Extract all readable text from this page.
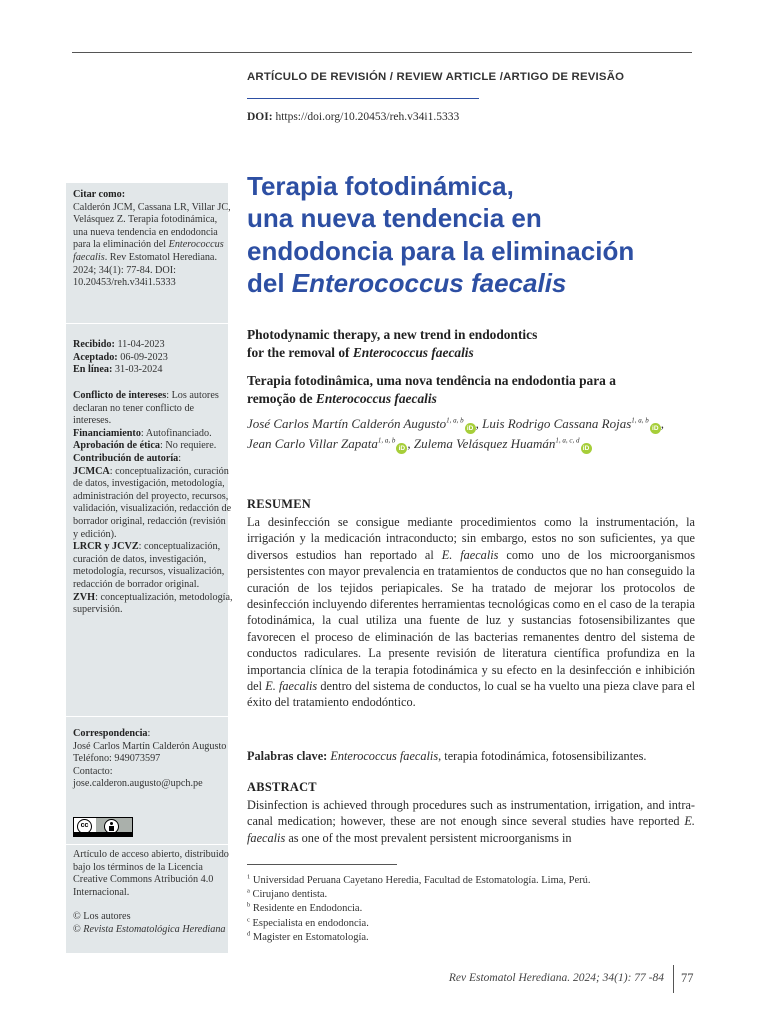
ARTÍCULO DE REVISIÓN / REVIEW ARTICLE /ARTIGO DE REVISÃO
DOI: https://doi.org/10.20453/reh.v34i1.5333
Citar como:
Calderón JCM, Cassana LR, Villar JC, Velásquez Z. Terapia fotodinámica, una nueva tendencia en endodoncia para la eliminación del Enterococcus faecalis. Rev Estomatol Herediana. 2024; 34(1): 77-84. DOI: 10.20453/reh.v34i1.5333
Recibido: 11-04-2023
Aceptado: 06-09-2023
En línea: 31-03-2024
Conflicto de intereses: Los autores declaran no tener conflicto de intereses.
Financiamiento: Autofinanciado.
Aprobación de ética: No requiere.
Contribución de autoría:
JCMCA: conceptualización, curación de datos, investigación, metodología, administración del proyecto, recursos, validación, visualización, redacción de borrador original, redacción (revisión y edición).
LRCR y JCVZ: conceptualización, curación de datos, investigación, metodología, recursos, visualización, redacción de borrador original.
ZVH: conceptualización, metodología, supervisión.
Correspondencia:
José Carlos Martín Calderón Augusto
Teléfono: 949073597
Contacto:
jose.calderon.augusto@upch.pe
cc
Artículo de acceso abierto, distribuido bajo los términos de la Licencia Creative Commons Atribución 4.0 Internacional.
© Los autores
© Revista Estomatológica Herediana
Terapia fotodinámica,
una nueva tendencia en
endodoncia para la eliminación
del Enterococcus faecalis
Photodynamic therapy, a new trend in endodontics
for the removal of Enterococcus faecalis
Terapia fotodinâmica, uma nova tendência na endodontia para a
remoção de Enterococcus faecalis
José Carlos Martín Calderón Augusto$^{1, a, b}$iD , Luis Rodrigo Cassana Rojas$^{1, a, b}$iD ,
Jean Carlo Villar Zapata$^{1, a, b}$iD , Zulema Velásquez Huamán$^{1, a, c, d}$iD
RESUMEN
La desinfección se consigue mediante procedimientos como la instrumentación, la irrigación y la medicación intraconducto; sin embargo, estos no son suficientes, ya que diversos estudios han reportado al E. faecalis como uno de los microorganismos persistentes con mayor prevalencia en tratamientos de conductos que no han conseguido la curación de los tejidos periapicales. Se ha tratado de mejorar los protocolos de desinfección incluyendo diferentes herramientas tecnológicas como en el caso de la terapia fotodinámica, la cual utiliza una fuente de luz y sustancias fotosensibilizantes que favorecen el proceso de eliminación de las bacterias remanentes dentro del sistema de conductos radiculares. La presente revisión de literatura científica profundiza en la importancia clínica de la terapia fotodinámica y su efecto en la desinfección e inhibición del E. faecalis dentro del sistema de conductos, lo cual se ha vuelto una pieza clave para el éxito del tratamiento endodóntico.
Palabras clave: Enterococcus faecalis, terapia fotodinámica, fotosensibilizantes.
ABSTRACT
Disinfection is achieved through procedures such as instrumentation, irrigation, and intra-canal medication; however, these are not enough since several studies have reported E. faecalis as one of the most prevalent persistent microorganisms in
$^1$ Universidad Peruana Cayetano Heredia, Facultad de Estomatología. Lima, Perú.
$^a$ Cirujano dentista.
$^b$ Residente en Endodoncia.
$^c$ Especialista en endodoncia.
$^d$ Magister en Estomatología.
Rev Estomatol Herediana. 2024; 34(1): 77 -84 77
